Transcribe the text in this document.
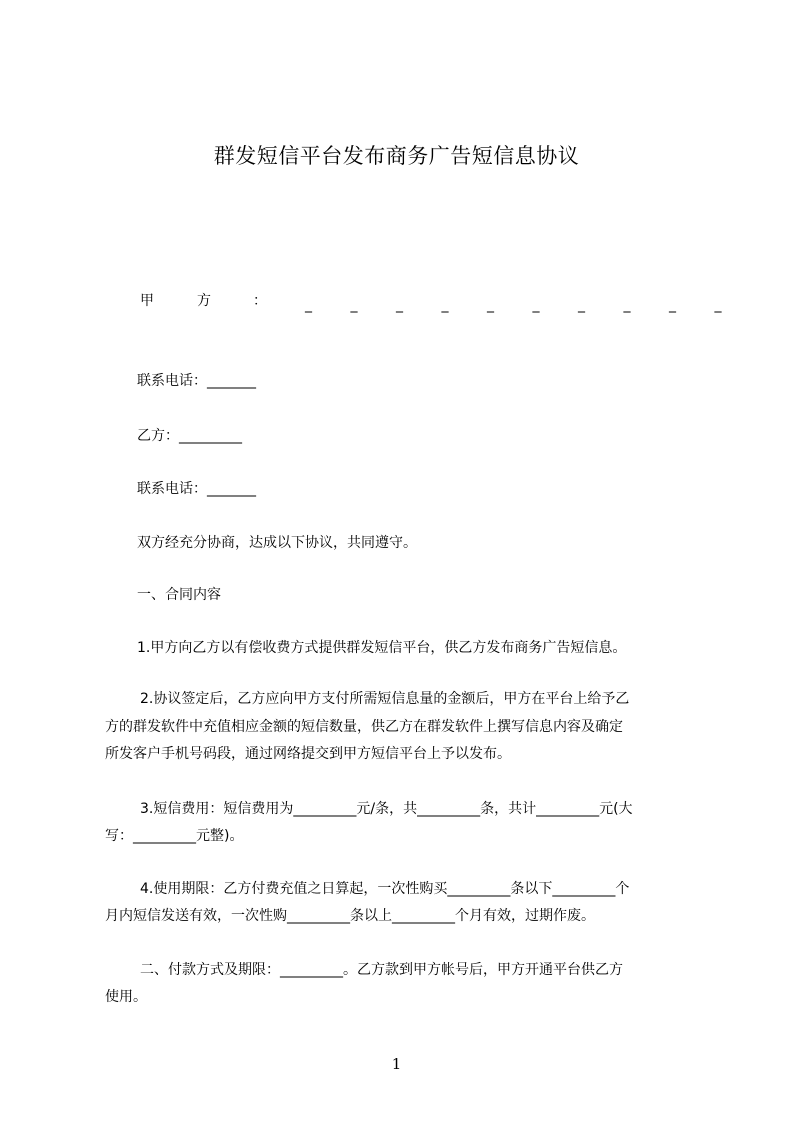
群发短信平台发布商务广告短信息协议
甲	方	：	__________
联系电话：_______
乙方：_________
联系电话：_______
双方经充分协商，达成以下协议，共同遵守。
一、合同内容
1.甲方向乙方以有偿收费方式提供群发短信平台，供乙方发布商务广告短信息。
2.协议签定后，乙方应向甲方支付所需短信息量的金额后，甲方在平台上给予乙
方的群发软件中充值相应金额的短信数量，供乙方在群发软件上撰写信息内容及确定
所发客户手机号码段，通过网络提交到甲方短信平台上予以发布。
3.短信费用：短信费用为_________元/条，共_________条，共计_________元(大
写：_________元整)。
4.使用期限：乙方付费充值之日算起，一次性购买_________条以下_________个
月内短信发送有效，一次性购_________条以上_________个月有效，过期作废。
二、付款方式及期限：_________。乙方款到甲方帐号后，甲方开通平台供乙方
使用。
1
